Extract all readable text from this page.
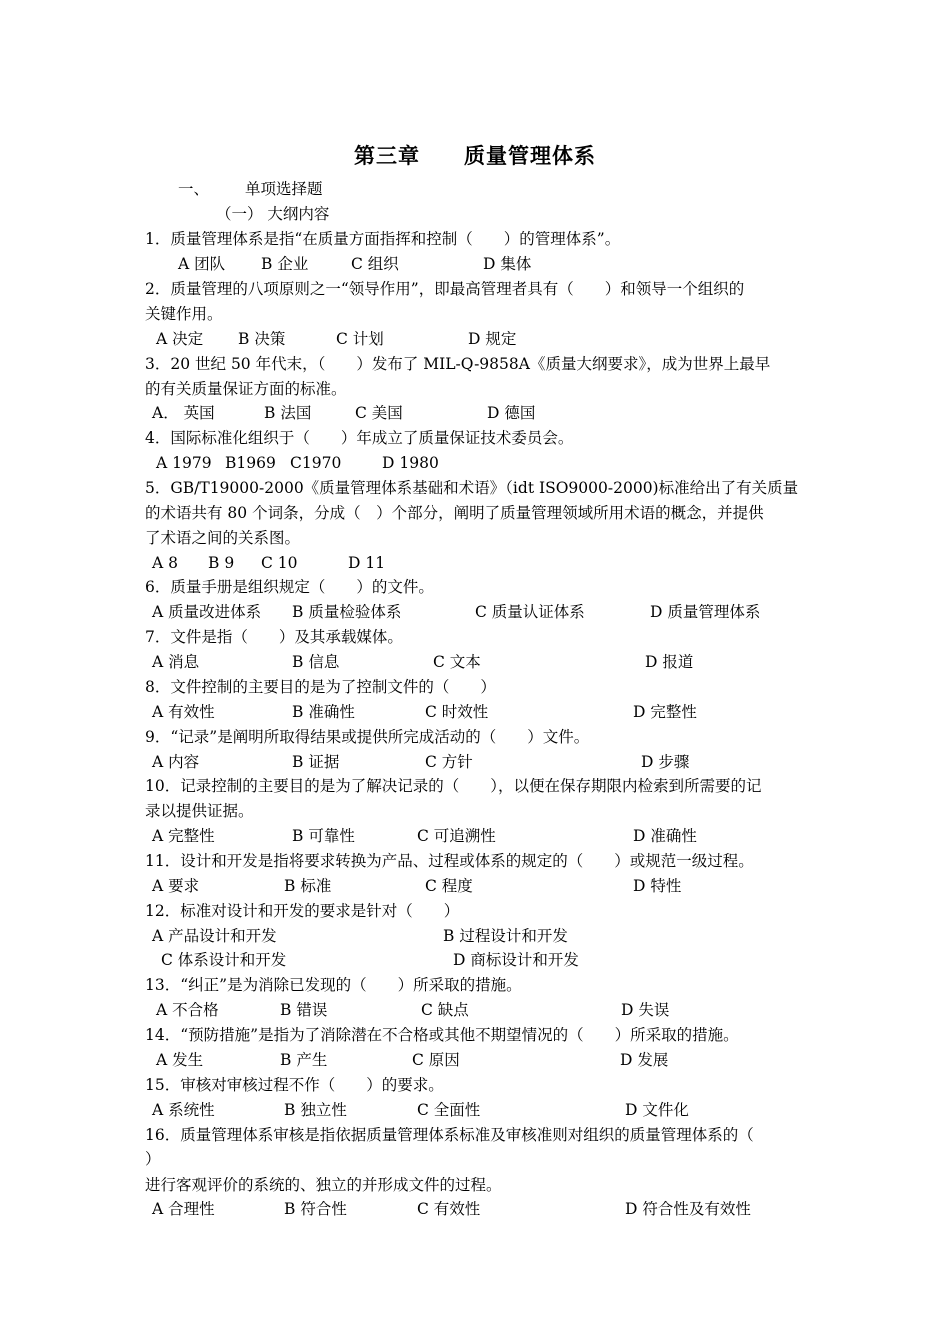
第三章 质量管理体系
一、 单项选择题
（一） 大纲内容
1．质量管理体系是指“在质量方面指挥和控制（　　）的管理体系”。
A 团队 B 企业	C 组织	D 集体
2．质量管理的八项原则之一“领导作用”，即最高管理者具有（　　）和领导一个组织的
关键作用。
A 决定 B 决策	C 计划	D 规定
3．20 世纪 50 年代末，（　　）发布了 MIL-Q-9858A《质量大纲要求》，成为世界上最早
的有关质量保证方面的标准。
A． 英国	B 法国	C 美国	D 德国
4．国际标准化组织于（　　）年成立了质量保证技术委员会。
A 1979 B1969 C1970	D 1980
5．GB/T19000-2000《质量管理体系基础和术语》（idt ISO9000-2000)标准给出了有关质量
的术语共有 80 个词条，分成（　）个部分，阐明了质量管理领域所用术语的概念，并提供
了术语之间的关系图。
A 8 B 9 C 10	D 11
6．质量手册是组织规定（　　）的文件。
A 质量改进体系 B 质量检验体系	C 质量认证体系	D 质量管理体系
7．文件是指（　　）及其承载媒体。
A 消息	B 信息	C 文本	D 报道
8．文件控制的主要目的是为了控制文件的（　　）
A 有效性	B 准确性	C 时效性	D 完整性
9．“记录”是阐明所取得结果或提供所完成活动的（　　）文件。
A 内容	B 证据	C 方针	D 步骤
10．记录控制的主要目的是为了解决记录的（　　），以便在保存期限内检索到所需要的记
录以提供证据。
A 完整性	B 可靠性	C 可追溯性	D 准确性
11．设计和开发是指将要求转换为产品、过程或体系的规定的（　　）或规范一级过程。
A 要求	B 标准	C 程度	D 特性
12．标准对设计和开发的要求是针对（　　）
A 产品设计和开发	B 过程设计和开发
C 体系设计和开发	D 商标设计和开发
13．“纠正”是为消除已发现的（　　）所采取的措施。
A 不合格	B 错误	C 缺点	D 失误
14．“预防措施”是指为了消除潜在不合格或其他不期望情况的（　　）所采取的措施。
A 发生	B 产生	C 原因	D 发展
15．审核对审核过程不作（　　）的要求。
A 系统性	B 独立性	C 全面性	D 文件化
16．质量管理体系审核是指依据质量管理体系标准及审核准则对组织的质量管理体系的（
）
进行客观评价的系统的、独立的并形成文件的过程。
A 合理性	B 符合性	C 有效性	D 符合性及有效性
